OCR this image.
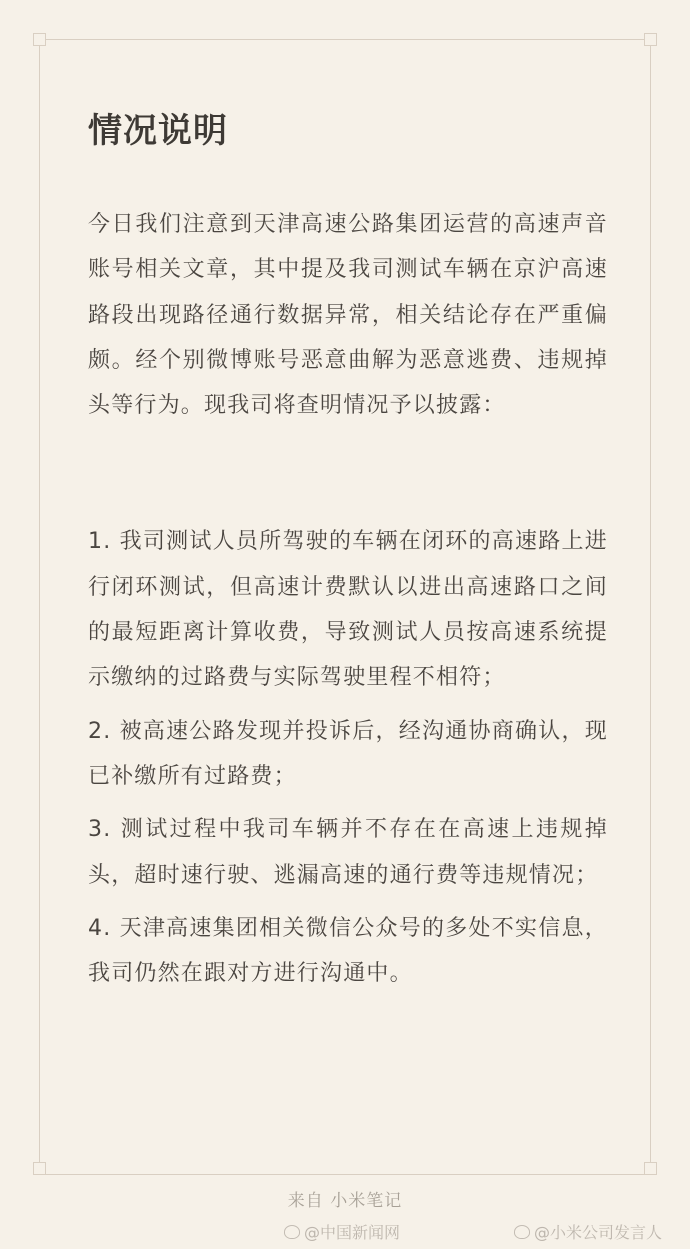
情况说明

今日我们注意到天津高速公路集团运营的高速声音账号相关文章，其中提及我司测试车辆在京沪高速路段出现路径通行数据异常，相关结论存在严重偏颇。经个别微博账号恶意曲解为恶意逃费、违规掉头等行为。现我司将查明情况予以披露：

1. 我司测试人员所驾驶的车辆在闭环的高速路上进行闭环测试，但高速计费默认以进出高速路口之间的最短距离计算收费，导致测试人员按高速系统提示缴纳的过路费与实际驾驶里程不相符；

2. 被高速公路发现并投诉后，经沟通协商确认，现已补缴所有过路费；

3. 测试过程中我司车辆并不存在在高速上违规掉头，超时速行驶、逃漏高速的通行费等违规情况；

4. 天津高速集团相关微信公众号的多处不实信息，我司仍然在跟对方进行沟通中。

来自 小米笔记
@中国新闻网	@小米公司发言人
